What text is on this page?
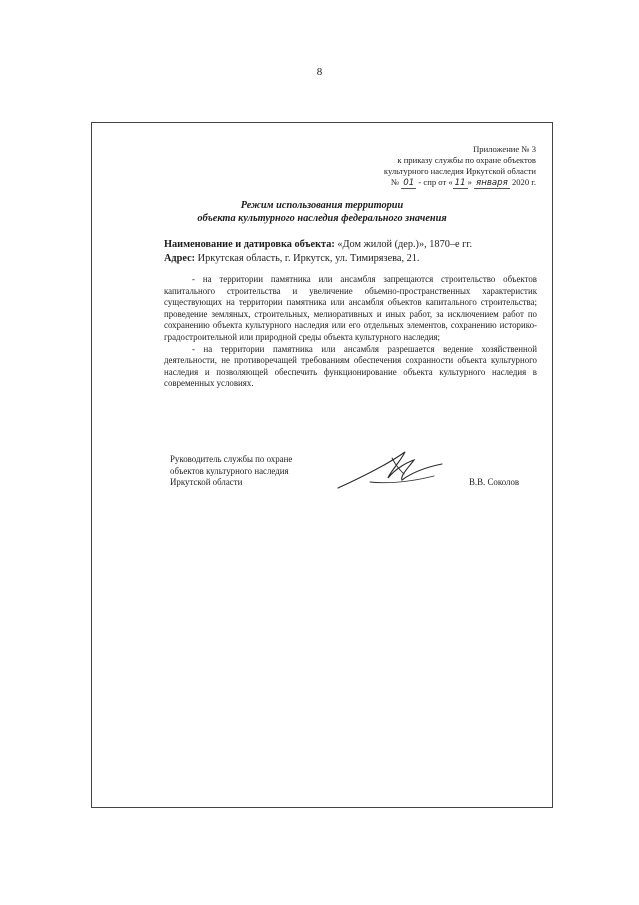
8
Приложение № 3
к приказу службы по охране объектов
культурного наследия Иркутской области
№ 01 - спр от « 11 » января 2020 г.
Режим использования территории
объекта культурного наследия федерального значения
Наименование и датировка объекта: «Дом жилой (дер.)», 1870–е гг.
Адрес: Иркутская область, г. Иркутск, ул. Тимирязева, 21.

- на территории памятника или ансамбля запрещаются строительство объектов капитального строительства и увеличение объемно-пространственных характеристик существующих на территории памятника или ансамбля объектов капитального строительства; проведение земляных, строительных, мелиоративных и иных работ, за исключением работ по сохранению объекта культурного наследия или его отдельных элементов, сохранению историко-градостроительной или природной среды объекта культурного наследия;

- на территории памятника или ансамбля разрешается ведение хозяйственной деятельности, не противоречащей требованиям обеспечения сохранности объекта культурного наследия и позволяющей обеспечить функционирование объекта культурного наследия в современных условиях.

Руководитель службы по охране
объектов культурного наследия
Иркутской области	В.В. Соколов
